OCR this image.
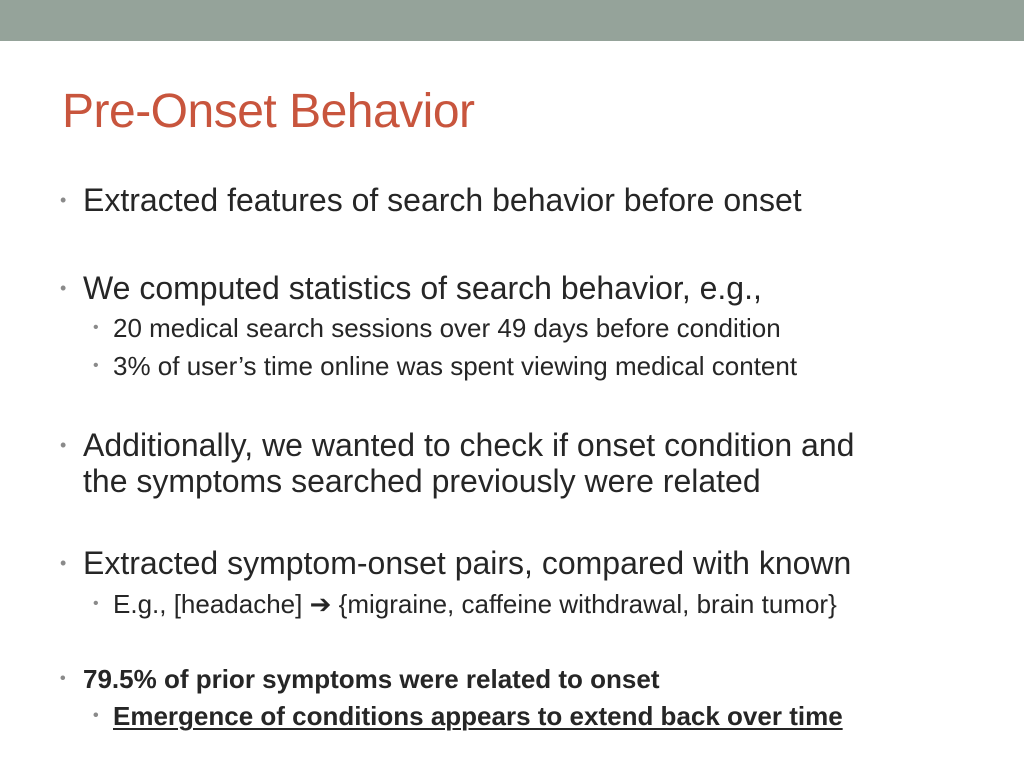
Pre-Onset Behavior
• Extracted features of search behavior before onset
• We computed statistics of search behavior, e.g.,
• 20 medical search sessions over 49 days before condition
• 3% of user’s time online was spent viewing medical content
• Additionally, we wanted to check if onset condition and
the symptoms searched previously were related
• Extracted symptom-onset pairs, compared with known
• E.g., [headache] ➔ {migraine, caffeine withdrawal, brain tumor}
• 79.5% of prior symptoms were related to onset
• Emergence of conditions appears to extend back over time
